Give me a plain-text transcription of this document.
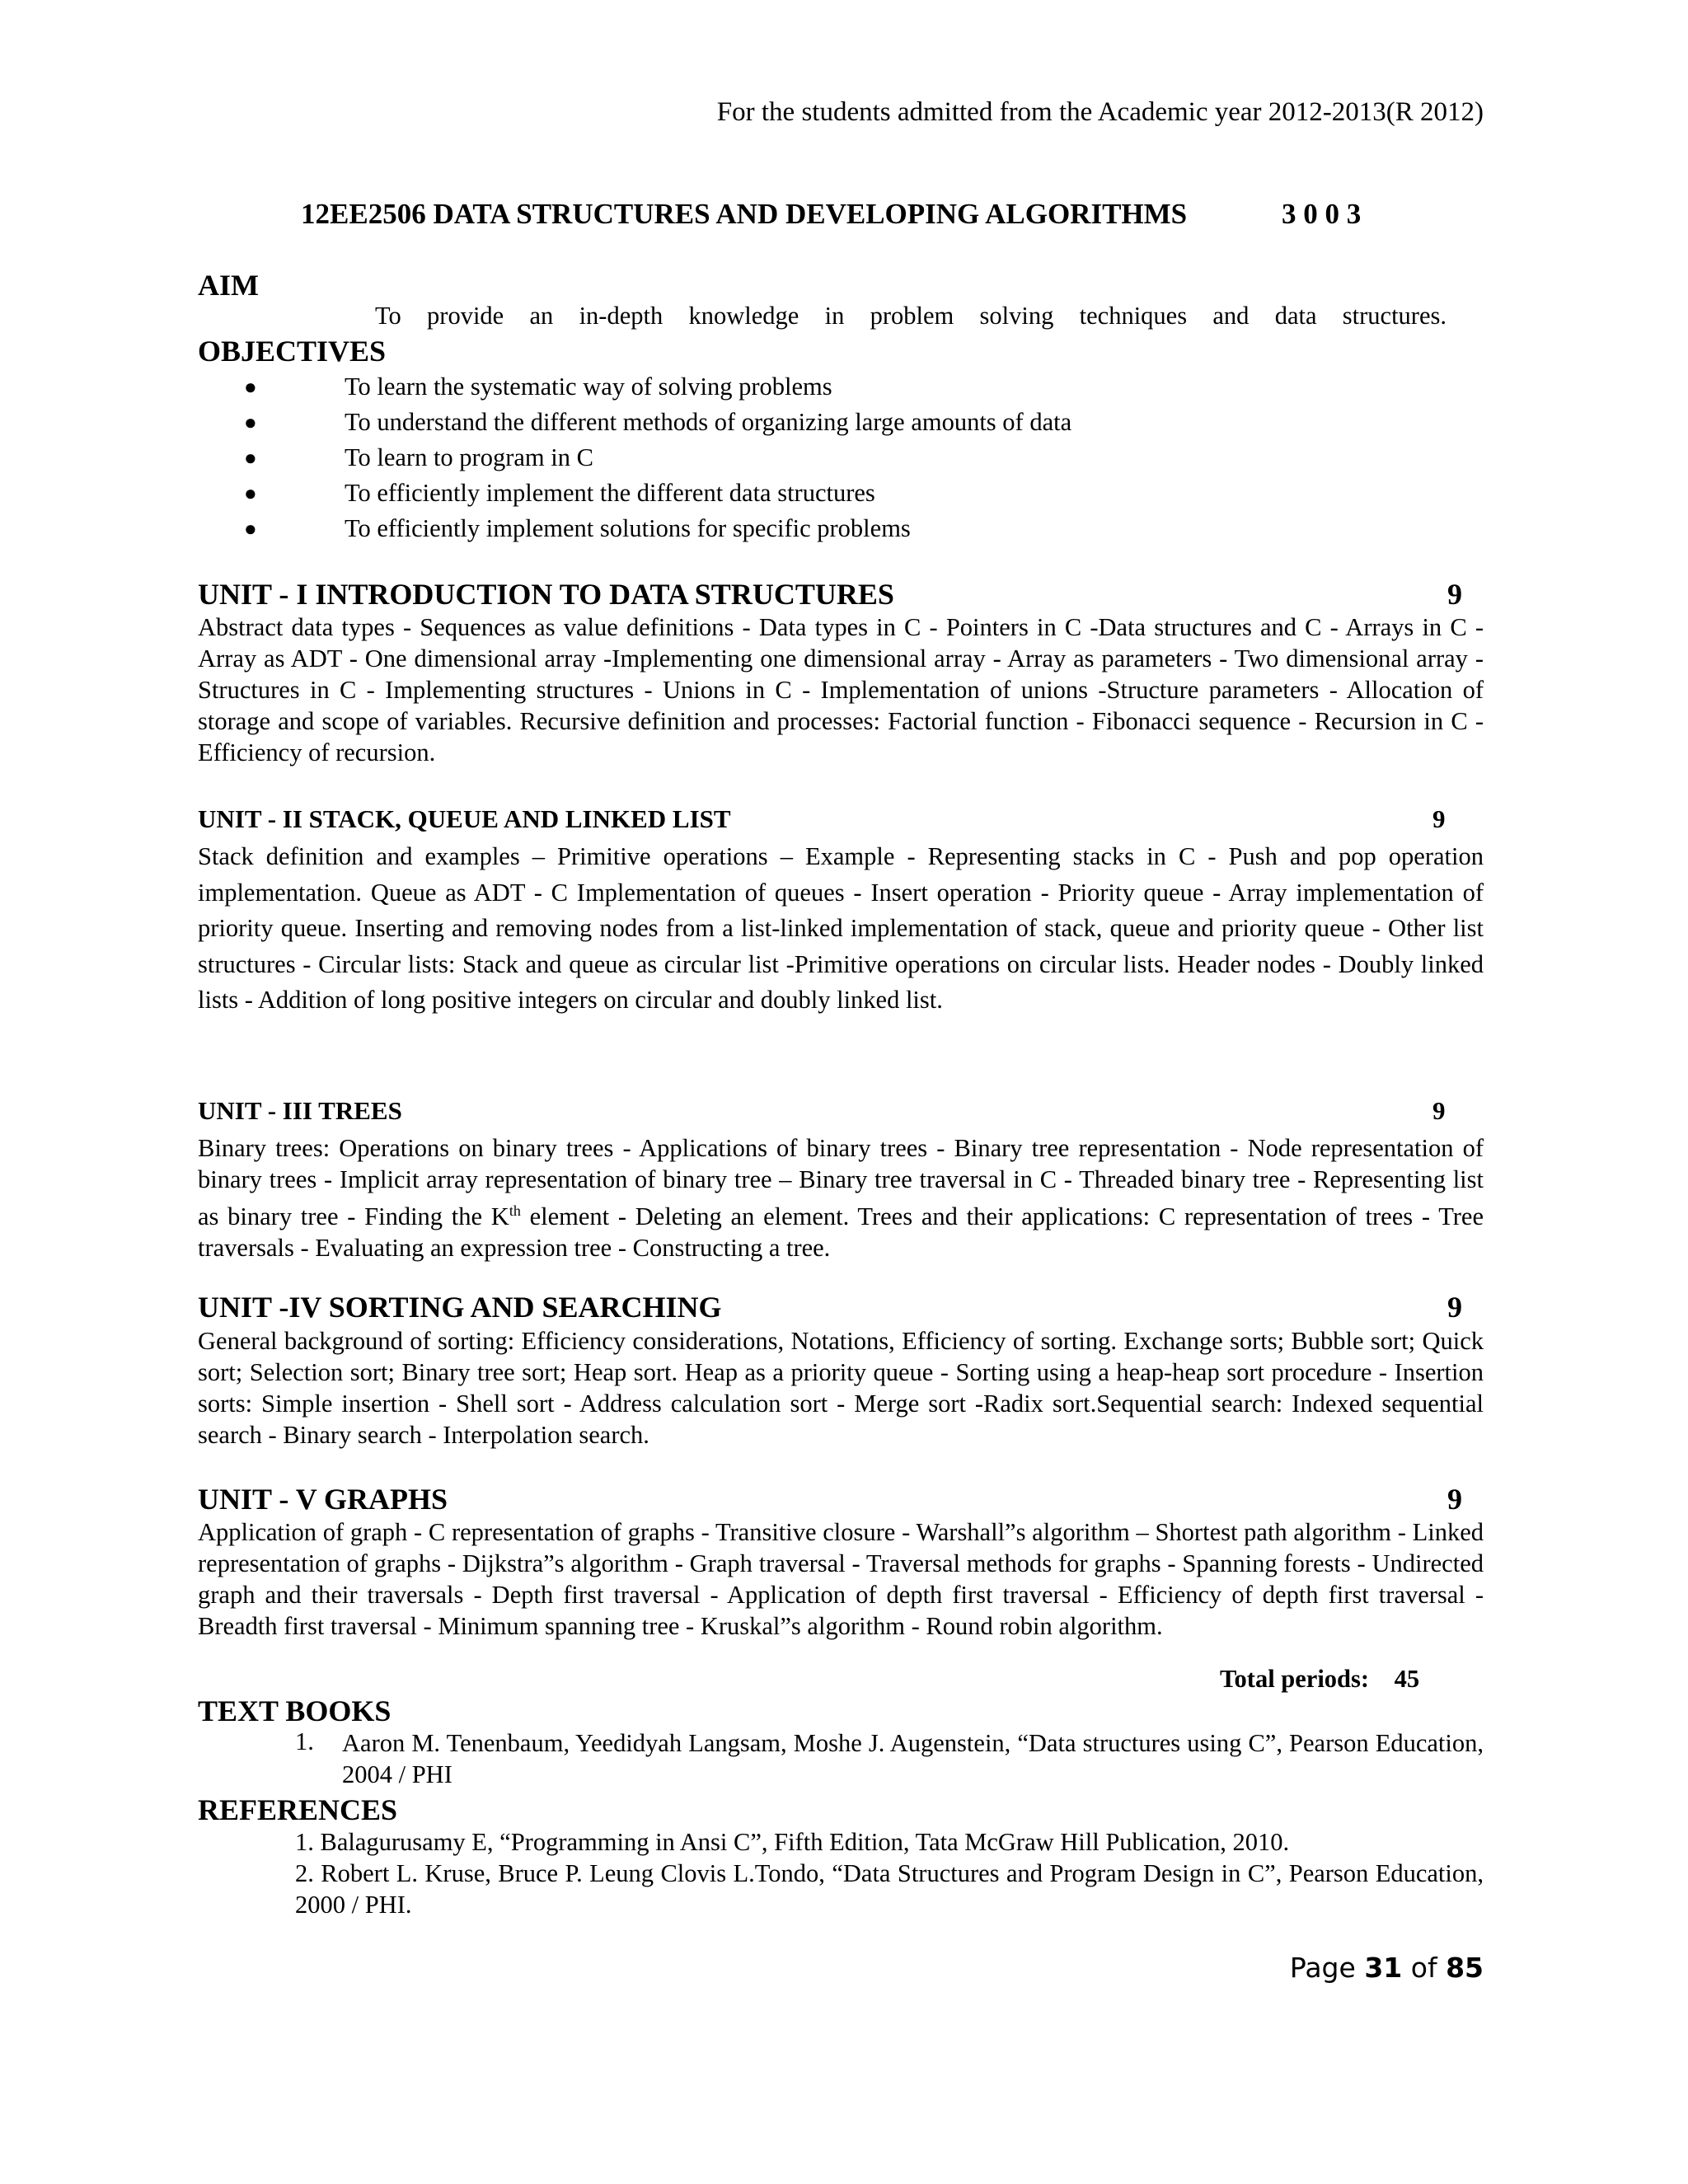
For the students admitted from the Academic year 2012-2013(R 2012)
12EE2506 DATA STRUCTURES AND DEVELOPING ALGORITHMS	3 0 0 3
AIM
To provide an in-depth knowledge in problem solving techniques and data structures.
OBJECTIVES
●	To learn the systematic way of solving problems
●	To understand the different methods of organizing large amounts of data
●	To learn to program in C
●	To efficiently implement the different data structures
●	To efficiently implement solutions for specific problems
UNIT - I INTRODUCTION TO DATA STRUCTURES	9
Abstract data types - Sequences as value definitions - Data types in C - Pointers in C -Data structures and C - Arrays in C - Array as ADT - One dimensional array -Implementing one dimensional array - Array as parameters - Two dimensional array -Structures in C - Implementing structures - Unions in C - Implementation of unions -Structure parameters - Allocation of storage and scope of variables. Recursive definition and processes: Factorial function - Fibonacci sequence - Recursion in C - Efficiency of recursion.
UNIT - II STACK, QUEUE AND LINKED LIST	9
Stack definition and examples – Primitive operations – Example - Representing stacks in C - Push and pop operation implementation. Queue as ADT - C Implementation of queues - Insert operation - Priority queue - Array implementation of priority queue. Inserting and removing nodes from a list-linked implementation of stack, queue and priority queue - Other list structures - Circular lists: Stack and queue as circular list -Primitive operations on circular lists. Header nodes - Doubly linked lists - Addition of long positive integers on circular and doubly linked list.
UNIT - III TREES	9
Binary trees: Operations on binary trees - Applications of binary trees - Binary tree representation - Node representation of binary trees - Implicit array representation of binary tree – Binary tree traversal in C - Threaded binary tree - Representing list as binary tree - Finding the $K^{th}$ element - Deleting an element. Trees and their applications: C representation of trees - Tree traversals - Evaluating an expression tree - Constructing a tree.
UNIT -IV SORTING AND SEARCHING	9
General background of sorting: Efficiency considerations, Notations, Efficiency of sorting. Exchange sorts; Bubble sort; Quick sort; Selection sort; Binary tree sort; Heap sort. Heap as a priority queue - Sorting using a heap-heap sort procedure - Insertion sorts: Simple insertion - Shell sort - Address calculation sort - Merge sort -Radix sort.Sequential search: Indexed sequential search - Binary search - Interpolation search.
UNIT - V GRAPHS	9
Application of graph - C representation of graphs - Transitive closure - Warshall”s algorithm – Shortest path algorithm - Linked representation of graphs - Dijkstra”s algorithm - Graph traversal - Traversal methods for graphs - Spanning forests - Undirected graph and their traversals - Depth first traversal - Application of depth first traversal - Efficiency of depth first traversal - Breadth first traversal - Minimum spanning tree - Kruskal”s algorithm - Round robin algorithm.
Total periods: 45
TEXT BOOKS
1. Aaron M. Tenenbaum, Yeedidyah Langsam, Moshe J. Augenstein, “Data structures using C”, Pearson Education, 2004 / PHI
REFERENCES
1. Balagurusamy E, “Programming in Ansi C”, Fifth Edition, Tata McGraw Hill Publication, 2010.
2. Robert L. Kruse, Bruce P. Leung Clovis L.Tondo, “Data Structures and Program Design in C”, Pearson Education, 2000 / PHI.
Page 31 of 85
